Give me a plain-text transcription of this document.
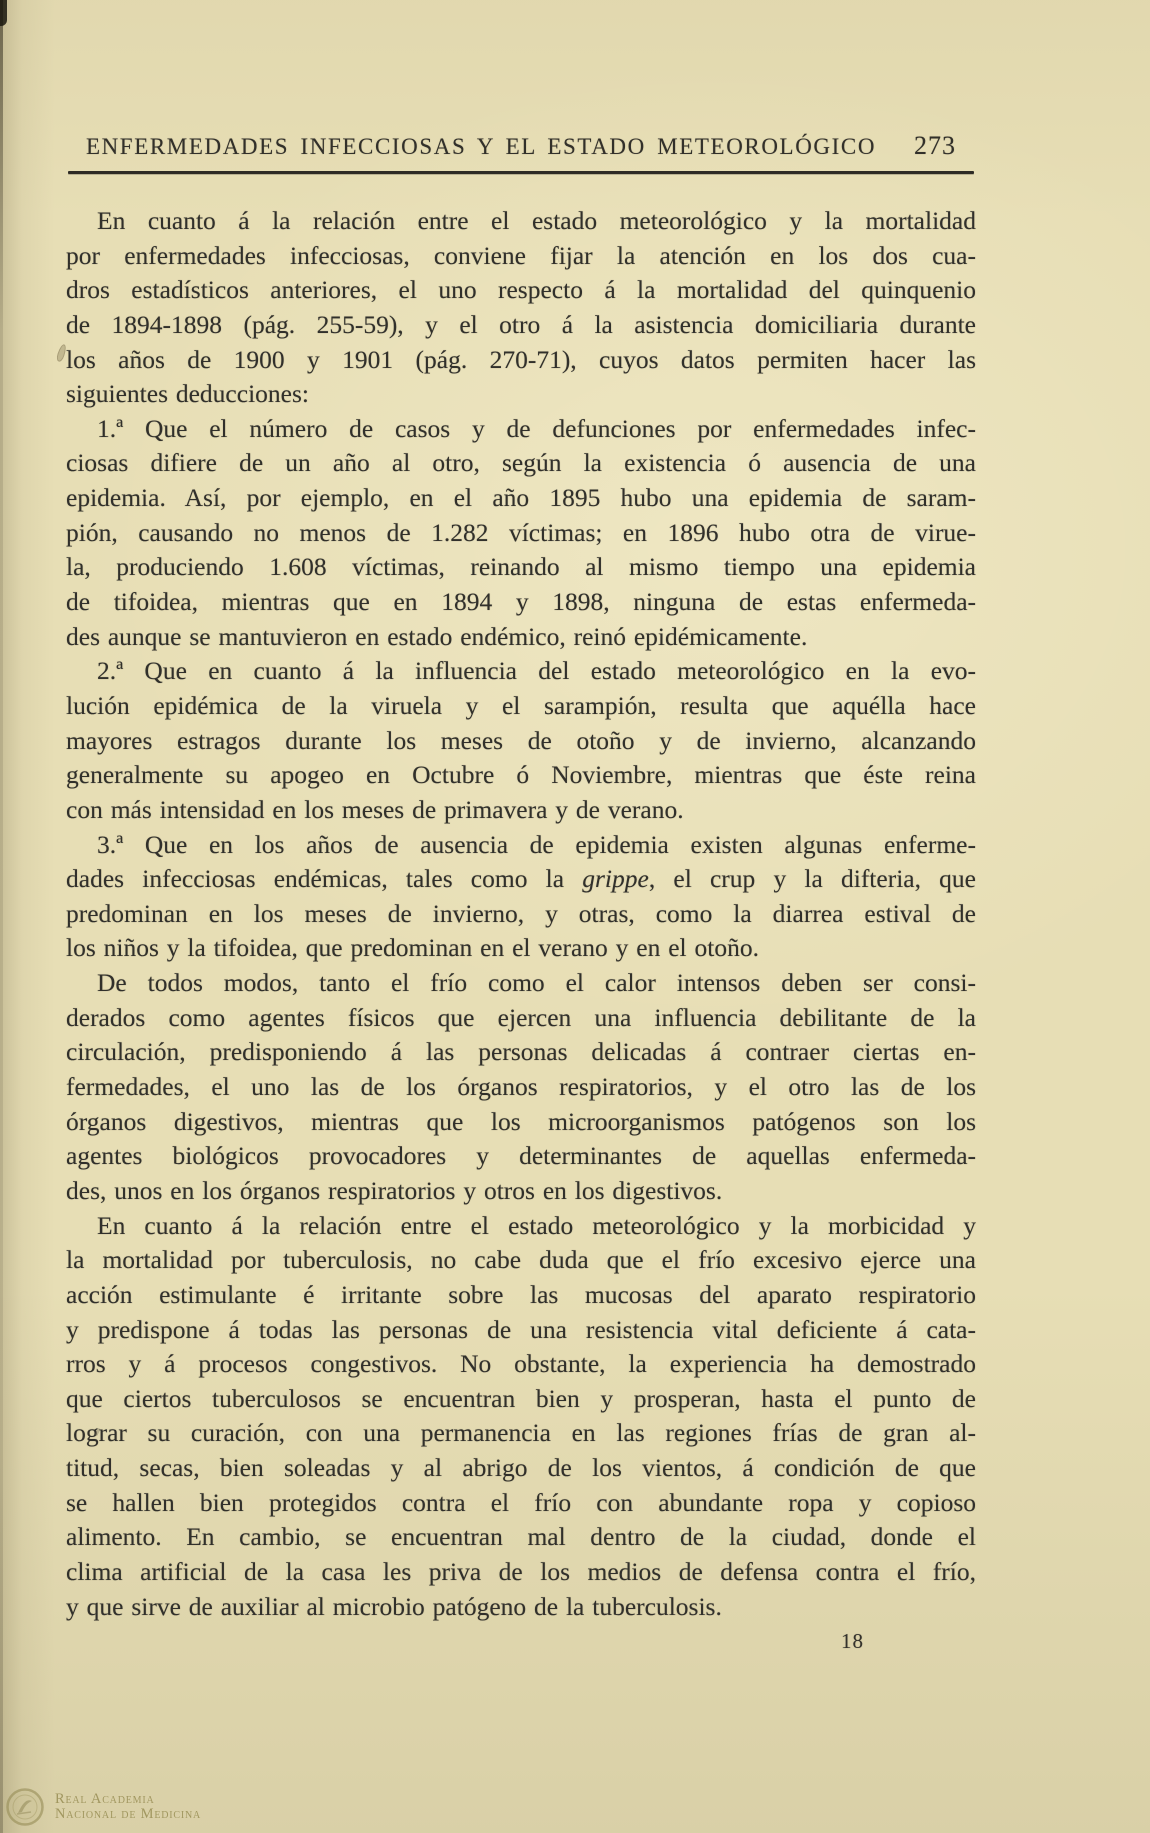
ENFERMEDADES INFECCIOSAS Y EL ESTADO METEOROLÓGICO 273
En cuanto á la relación entre el estado meteorológico y la mortalidad
por enfermedades infecciosas, conviene fijar la atención en los dos cua-
dros estadísticos anteriores, el uno respecto á la mortalidad del quinquenio
de 1894-1898 (pág. 255-59), y el otro á la asistencia domiciliaria durante
los años de 1900 y 1901 (pág. 270-71), cuyos datos permiten hacer las
siguientes deducciones:
1.ª Que el número de casos y de defunciones por enfermedades infec-
ciosas difiere de un año al otro, según la existencia ó ausencia de una
epidemia. Así, por ejemplo, en el año 1895 hubo una epidemia de saram-
pión, causando no menos de 1.282 víctimas; en 1896 hubo otra de virue-
la, produciendo 1.608 víctimas, reinando al mismo tiempo una epidemia
de tifoidea, mientras que en 1894 y 1898, ninguna de estas enfermeda-
des aunque se mantuvieron en estado endémico, reinó epidémicamente.
2.ª Que en cuanto á la influencia del estado meteorológico en la evo-
lución epidémica de la viruela y el sarampión, resulta que aquélla hace
mayores estragos durante los meses de otoño y de invierno, alcanzando
generalmente su apogeo en Octubre ó Noviembre, mientras que éste reina
con más intensidad en los meses de primavera y de verano.
3.ª Que en los años de ausencia de epidemia existen algunas enferme-
dades infecciosas endémicas, tales como la grippe, el crup y la difteria, que
predominan en los meses de invierno, y otras, como la diarrea estival de
los niños y la tifoidea, que predominan en el verano y en el otoño.
De todos modos, tanto el frío como el calor intensos deben ser consi-
derados como agentes físicos que ejercen una influencia debilitante de la
circulación, predisponiendo á las personas delicadas á contraer ciertas en-
fermedades, el uno las de los órganos respiratorios, y el otro las de los
órganos digestivos, mientras que los microorganismos patógenos son los
agentes biológicos provocadores y determinantes de aquellas enfermeda-
des, unos en los órganos respiratorios y otros en los digestivos.
En cuanto á la relación entre el estado meteorológico y la morbicidad y
la mortalidad por tuberculosis, no cabe duda que el frío excesivo ejerce una
acción estimulante é irritante sobre las mucosas del aparato respiratorio
y predispone á todas las personas de una resistencia vital deficiente á cata-
rros y á procesos congestivos. No obstante, la experiencia ha demostrado
que ciertos tuberculosos se encuentran bien y prosperan, hasta el punto de
lograr su curación, con una permanencia en las regiones frías de gran al-
titud, secas, bien soleadas y al abrigo de los vientos, á condición de que
se hallen bien protegidos contra el frío con abundante ropa y copioso
alimento. En cambio, se encuentran mal dentro de la ciudad, donde el
clima artificial de la casa les priva de los medios de defensa contra el frío,
y que sirve de auxiliar al microbio patógeno de la tuberculosis.
18
Real Academia
Nacional de Medicina
